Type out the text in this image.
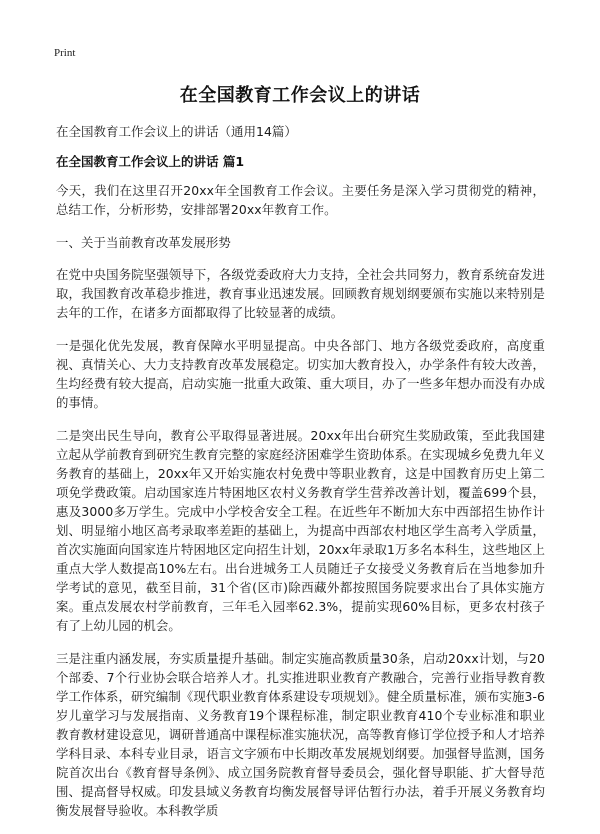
Print
在全国教育工作会议上的讲话
在全国教育工作会议上的讲话（通用14篇）
在全国教育工作会议上的讲话 篇1

今天，我们在这里召开20xx年全国教育工作会议。主要任务是深入学习贯彻党的精神，总结工作，分析形势，安排部署20xx年教育工作。

一、关于当前教育改革发展形势

在党中央国务院坚强领导下，各级党委政府大力支持，全社会共同努力，教育系统奋发进取，我国教育改革稳步推进，教育事业迅速发展。回顾教育规划纲要颁布实施以来特别是去年的工作，在诸多方面都取得了比较显著的成绩。

一是强化优先发展，教育保障水平明显提高。中央各部门、地方各级党委政府，高度重视、真情关心、大力支持教育改革发展稳定。切实加大教育投入，办学条件有较大改善，生均经费有较大提高，启动实施一批重大政策、重大项目，办了一些多年想办而没有办成的事情。

二是突出民生导向，教育公平取得显著进展。20xx年出台研究生奖励政策，至此我国建立起从学前教育到研究生教育完整的家庭经济困难学生资助体系。在实现城乡免费九年义务教育的基础上，20xx年又开始实施农村免费中等职业教育，这是中国教育历史上第二项免学费政策。启动国家连片特困地区农村义务教育学生营养改善计划，覆盖699个县，惠及3000多万学生。完成中小学校舍安全工程。在近些年不断加大东中西部招生协作计划、明显缩小地区高考录取率差距的基础上，为提高中西部农村地区学生高考入学质量，首次实施面向国家连片特困地区定向招生计划，20xx年录取1万多名本科生，这些地区上重点大学人数提高10%左右。出台进城务工人员随迁子女接受义务教育后在当地参加升学考试的意见，截至目前，31个省(区市)除西藏外都按照国务院要求出台了具体实施方案。重点发展农村学前教育，三年毛入园率62.3%，提前实现60%目标，更多农村孩子有了上幼儿园的机会。

三是注重内涵发展，夯实质量提升基础。制定实施高教质量30条，启动20xx计划，与20个部委、7个行业协会联合培养人才。扎实推进职业教育产教融合，完善行业指导教育教学工作体系，研究编制《现代职业教育体系建设专项规划》。健全质量标准，颁布实施3-6岁儿童学习与发展指南、义务教育19个课程标准，制定职业教育410个专业标准和职业教育教材建设意见，调研普通高中课程标准实施状况，高等教育修订学位授予和人才培养学科目录、本科专业目录，语言文字颁布中长期改革发展规划纲要。加强督导监测，国务院首次出台《教育督导条例》、成立国务院教育督导委员会，强化督导职能、扩大督导范围、提高督导权威。印发县域义务教育均衡发展督导评估暂行办法，着手开展义务教育均衡发展督导验收。本科教学质
